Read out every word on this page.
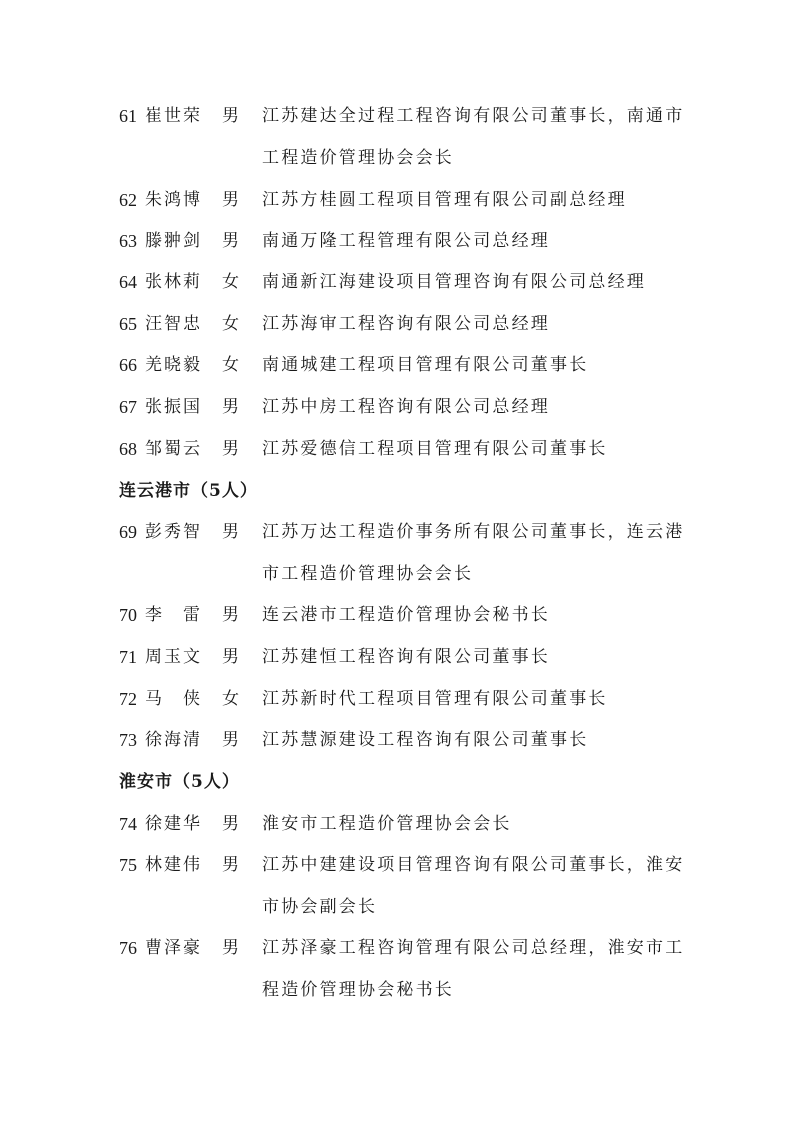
61 崔世荣 男 江苏建达全过程工程咨询有限公司董事长，南通市
工程造价管理协会会长
62 朱鸿博 男 江苏方桂圆工程项目管理有限公司副总经理
63 滕翀剑 男 南通万隆工程管理有限公司总经理
64 张林莉 女 南通新江海建设项目管理咨询有限公司总经理
65 汪智忠 女 江苏海审工程咨询有限公司总经理
66 羌晓毅 女 南通城建工程项目管理有限公司董事长
67 张振国 男 江苏中房工程咨询有限公司总经理
68 邹蜀云 男 江苏爱德信工程项目管理有限公司董事长
连云港市（5人）
69 彭秀智 男 江苏万达工程造价事务所有限公司董事长，连云港
市工程造价管理协会会长
70 李　雷 男 连云港市工程造价管理协会秘书长
71 周玉文 男 江苏建恒工程咨询有限公司董事长
72 马　侠 女 江苏新时代工程项目管理有限公司董事长
73 徐海清 男 江苏慧源建设工程咨询有限公司董事长
淮安市（5人）
74 徐建华 男 淮安市工程造价管理协会会长
75 林建伟 男 江苏中建建设项目管理咨询有限公司董事长，淮安
市协会副会长
76 曹泽豪 男 江苏泽豪工程咨询管理有限公司总经理，淮安市工
程造价管理协会秘书长
